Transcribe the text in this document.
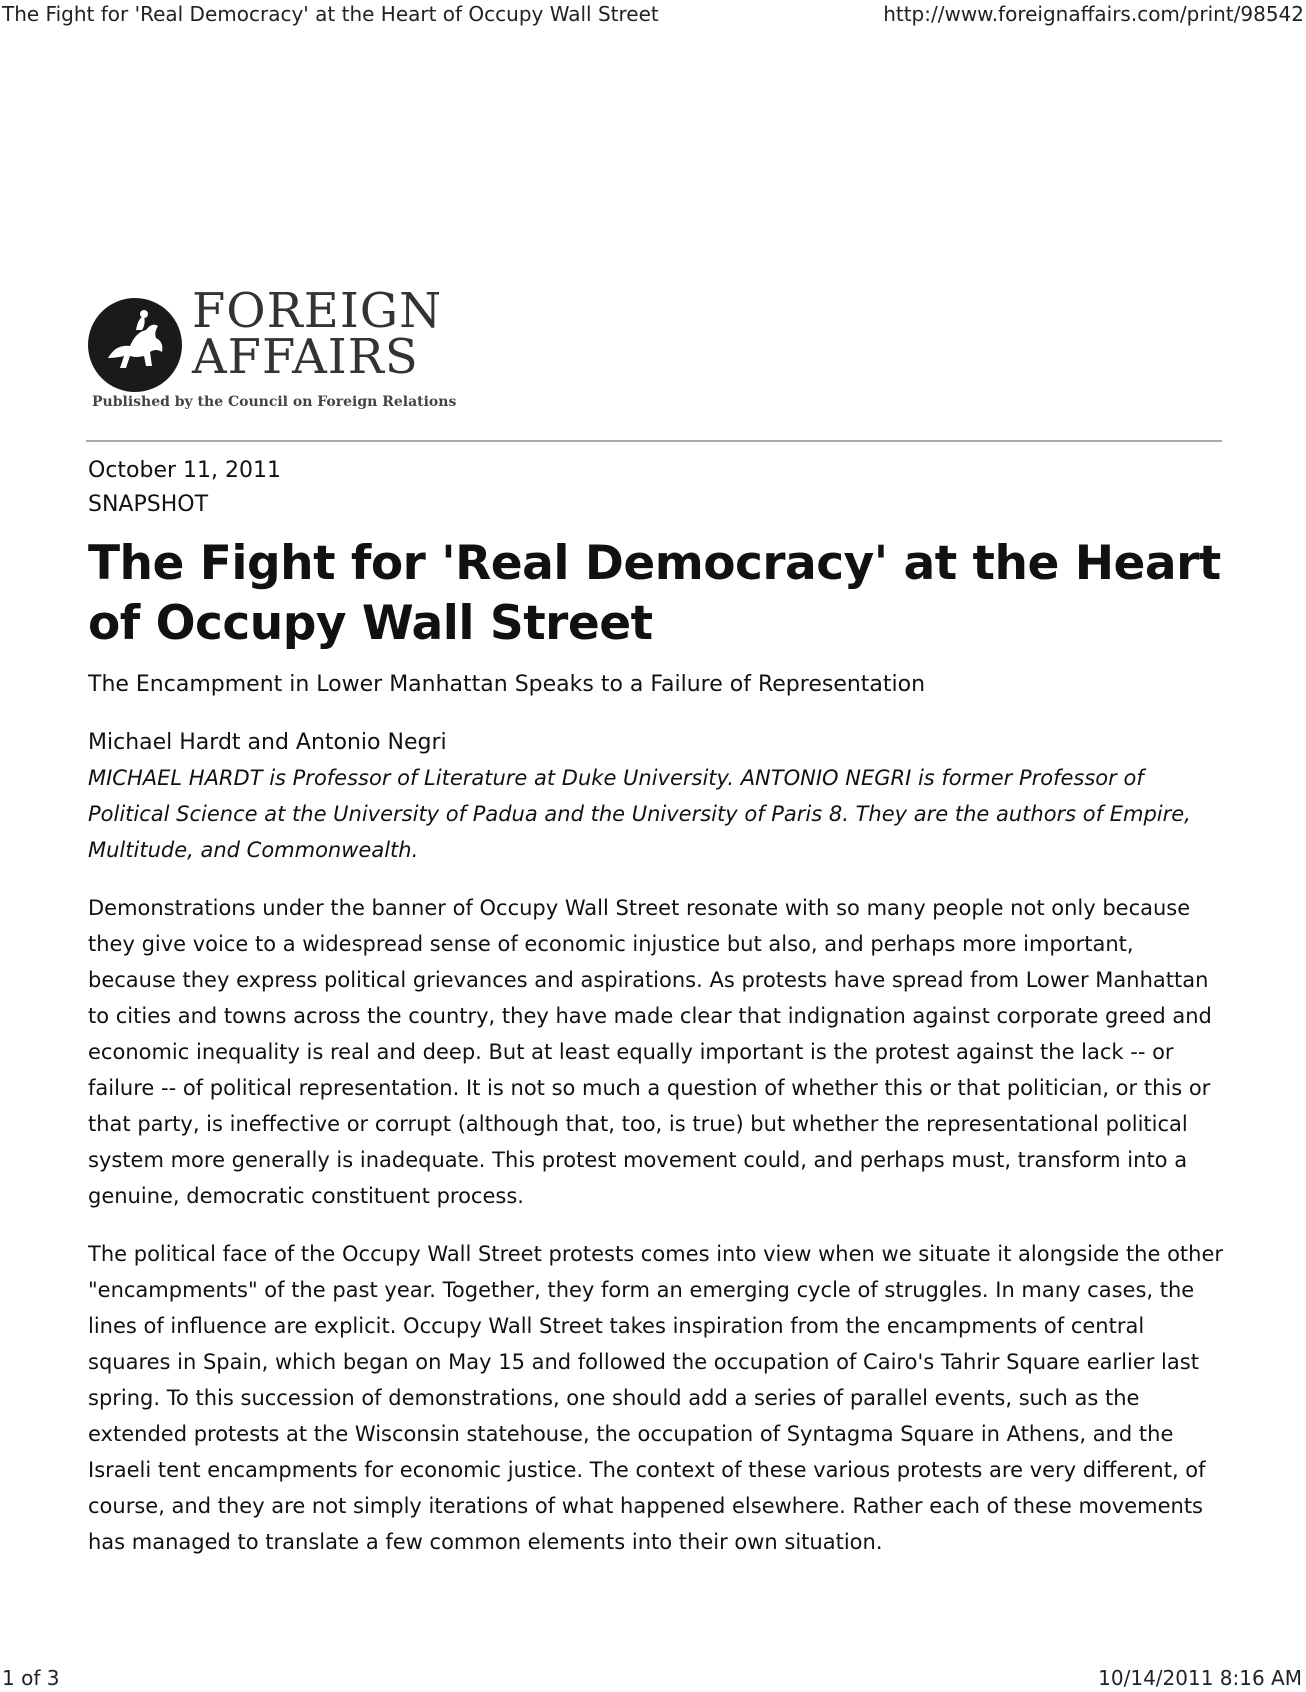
The Fight for 'Real Democracy' at the Heart of Occupy Wall Street	http://www.foreignaffairs.com/print/98542
FOREIGN
AFFAIRS
Published by the Council on Foreign Relations
October 11, 2011
SNAPSHOT
The Fight for 'Real Democracy' at the Heart of Occupy Wall Street
The Encampment in Lower Manhattan Speaks to a Failure of Representation
Michael Hardt and Antonio Negri
MICHAEL HARDT is Professor of Literature at Duke University. ANTONIO NEGRI is former Professor of Political Science at the University of Padua and the University of Paris 8. They are the authors of Empire, Multitude, and Commonwealth.

Demonstrations under the banner of Occupy Wall Street resonate with so many people not only because they give voice to a widespread sense of economic injustice but also, and perhaps more important, because they express political grievances and aspirations. As protests have spread from Lower Manhattan to cities and towns across the country, they have made clear that indignation against corporate greed and economic inequality is real and deep. But at least equally important is the protest against the lack -- or failure -- of political representation. It is not so much a question of whether this or that politician, or this or that party, is ineffective or corrupt (although that, too, is true) but whether the representational political system more generally is inadequate. This protest movement could, and perhaps must, transform into a genuine, democratic constituent process.

The political face of the Occupy Wall Street protests comes into view when we situate it alongside the other "encampments" of the past year. Together, they form an emerging cycle of struggles. In many cases, the lines of influence are explicit. Occupy Wall Street takes inspiration from the encampments of central squares in Spain, which began on May 15 and followed the occupation of Cairo's Tahrir Square earlier last spring. To this succession of demonstrations, one should add a series of parallel events, such as the extended protests at the Wisconsin statehouse, the occupation of Syntagma Square in Athens, and the Israeli tent encampments for economic justice. The context of these various protests are very different, of course, and they are not simply iterations of what happened elsewhere. Rather each of these movements has managed to translate a few common elements into their own situation.

1 of 3	10/14/2011 8:16 AM
